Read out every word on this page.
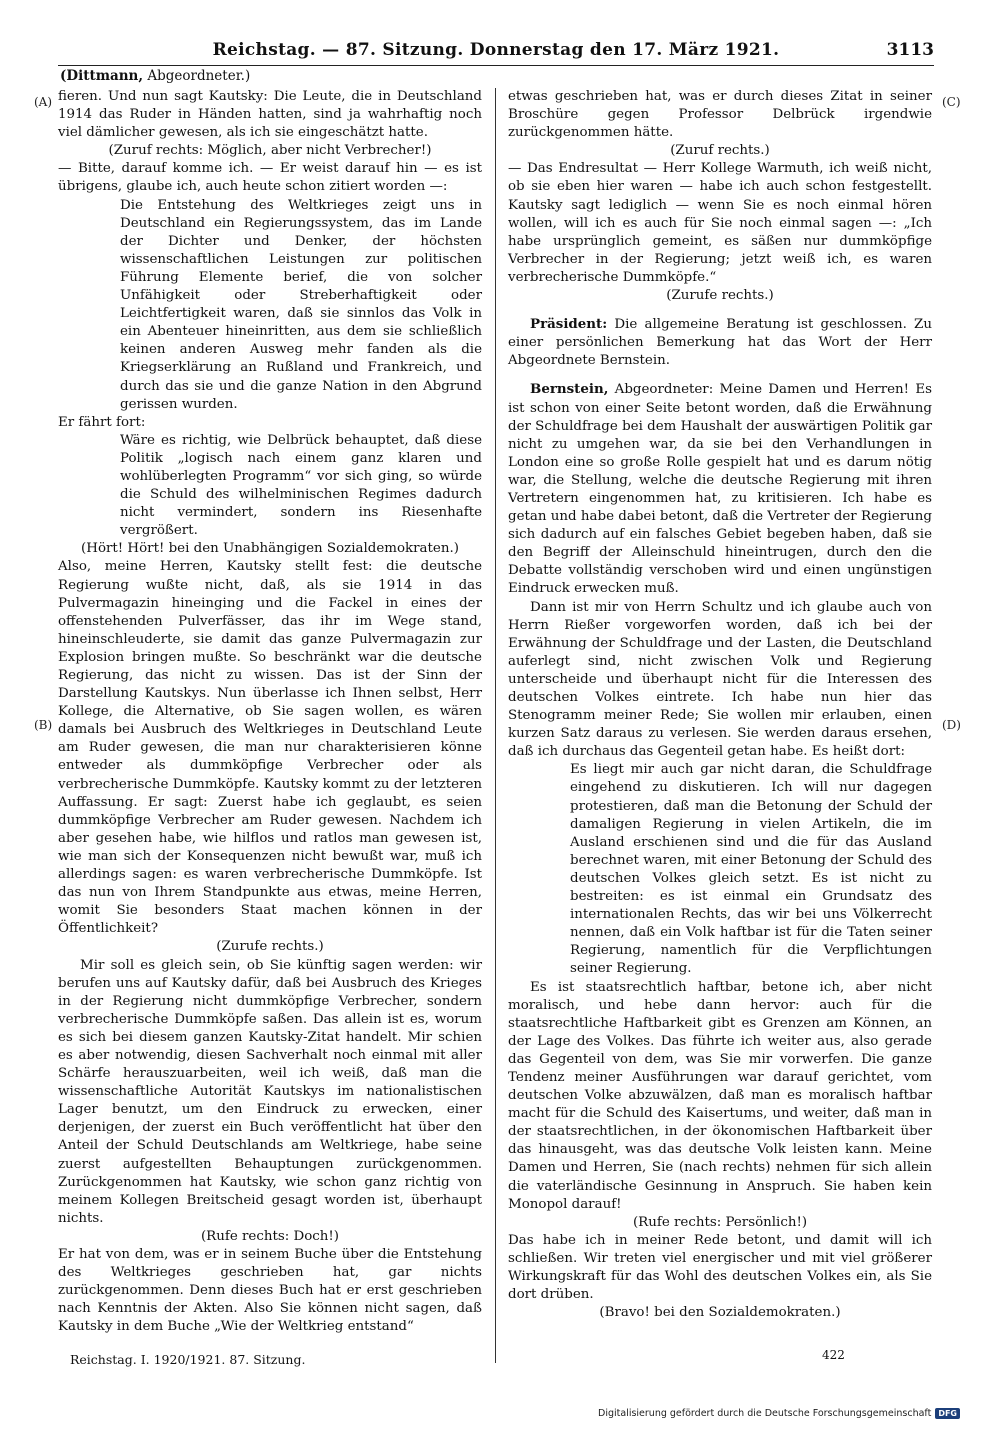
Reichstag. — 87. Sitzung. Donnerstag den 17. März 1921.	3113
(Dittmann, Abgeordneter.)
(A)
(B)
(C)
(D)

fieren. Und nun sagt Kautsky: Die Leute, die in Deutschland 1914 das Ruder in Händen hatten, sind ja wahrhaftig noch viel dämlicher gewesen, als ich sie eingeschätzt hatte.

(Zuruf rechts: Möglich, aber nicht Verbrecher!)

— Bitte, darauf komme ich. — Er weist darauf hin — es ist übrigens, glaube ich, auch heute schon zitiert worden —:

Die Entstehung des Weltkrieges zeigt uns in Deutschland ein Regierungssystem, das im Lande der Dichter und Denker, der höchsten wissenschaftlichen Leistungen zur politischen Führung Elemente berief, die von solcher Unfähigkeit oder Streberhaftigkeit oder Leichtfertigkeit waren, daß sie sinnlos das Volk in ein Abenteuer hineinritten, aus dem sie schließlich keinen anderen Ausweg mehr fanden als die Kriegserklärung an Rußland und Frankreich, und durch das sie und die ganze Nation in den Abgrund gerissen wurden.

Er fährt fort:

Wäre es richtig, wie Delbrück behauptet, daß diese Politik „logisch nach einem ganz klaren und wohlüberlegten Programm“ vor sich ging, so würde die Schuld des wilhelminischen Regimes dadurch nicht vermindert, sondern ins Riesenhafte vergrößert.

(Hört! Hört! bei den Unabhängigen Sozialdemokraten.)

Also, meine Herren, Kautsky stellt fest: die deutsche Regierung wußte nicht, daß, als sie 1914 in das Pulvermagazin hineinging und die Fackel in eines der offenstehenden Pulverfässer, das ihr im Wege stand, hineinschleuderte, sie damit das ganze Pulvermagazin zur Explosion bringen mußte. So beschränkt war die deutsche Regierung, das nicht zu wissen. Das ist der Sinn der Darstellung Kautskys. Nun überlasse ich Ihnen selbst, Herr Kollege, die Alternative, ob Sie sagen wollen, es wären damals bei Ausbruch des Weltkrieges in Deutschland Leute am Ruder gewesen, die man nur charakterisieren könne entweder als dummköpfige Verbrecher oder als verbrecherische Dummköpfe. Kautsky kommt zu der letzteren Auffassung. Er sagt: Zuerst habe ich geglaubt, es seien dummköpfige Verbrecher am Ruder gewesen. Nachdem ich aber gesehen habe, wie hilflos und ratlos man gewesen ist, wie man sich der Konsequenzen nicht bewußt war, muß ich allerdings sagen: es waren verbrecherische Dummköpfe. Ist das nun von Ihrem Standpunkte aus etwas, meine Herren, womit Sie besonders Staat machen können in der Öffentlichkeit?

(Zurufe rechts.)

Mir soll es gleich sein, ob Sie künftig sagen werden: wir berufen uns auf Kautsky dafür, daß bei Ausbruch des Krieges in der Regierung nicht dummköpfige Verbrecher, sondern verbrecherische Dummköpfe saßen. Das allein ist es, worum es sich bei diesem ganzen Kautsky-Zitat handelt. Mir schien es aber notwendig, diesen Sachverhalt noch einmal mit aller Schärfe herauszuarbeiten, weil ich weiß, daß man die wissenschaftliche Autorität Kautskys im nationalistischen Lager benutzt, um den Eindruck zu erwecken, einer derjenigen, der zuerst ein Buch veröffentlicht hat über den Anteil der Schuld Deutschlands am Weltkriege, habe seine zuerst aufgestellten Behauptungen zurückgenommen. Zurückgenommen hat Kautsky, wie schon ganz richtig von meinem Kollegen Breitscheid gesagt worden ist, überhaupt nichts.

(Rufe rechts: Doch!)

Er hat von dem, was er in seinem Buche über die Entstehung des Weltkrieges geschrieben hat, gar nichts zurückgenommen. Denn dieses Buch hat er erst geschrieben nach Kenntnis der Akten. Also Sie können nicht sagen, daß Kautsky in dem Buche „Wie der Weltkrieg entstand“

etwas geschrieben hat, was er durch dieses Zitat in seiner Broschüre gegen Professor Delbrück irgendwie zurückgenommen hätte.

(Zuruf rechts.)

— Das Endresultat — Herr Kollege Warmuth, ich weiß nicht, ob sie eben hier waren — habe ich auch schon festgestellt. Kautsky sagt lediglich — wenn Sie es noch einmal hören wollen, will ich es auch für Sie noch einmal sagen —: „Ich habe ursprünglich gemeint, es säßen nur dummköpfige Verbrecher in der Regierung; jetzt weiß ich, es waren verbrecherische Dummköpfe.“

(Zurufe rechts.)

Präsident: Die allgemeine Beratung ist geschlossen. Zu einer persönlichen Bemerkung hat das Wort der Herr Abgeordnete Bernstein.

Bernstein, Abgeordneter: Meine Damen und Herren! Es ist schon von einer Seite betont worden, daß die Erwähnung der Schuldfrage bei dem Haushalt der auswärtigen Politik gar nicht zu umgehen war, da sie bei den Verhandlungen in London eine so große Rolle gespielt hat und es darum nötig war, die Stellung, welche die deutsche Regierung mit ihren Vertretern eingenommen hat, zu kritisieren. Ich habe es getan und habe dabei betont, daß die Vertreter der Regierung sich dadurch auf ein falsches Gebiet begeben haben, daß sie den Begriff der Alleinschuld hineintrugen, durch den die Debatte vollständig verschoben wird und einen ungünstigen Eindruck erwecken muß.

Dann ist mir von Herrn Schultz und ich glaube auch von Herrn Rießer vorgeworfen worden, daß ich bei der Erwähnung der Schuldfrage und der Lasten, die Deutschland auferlegt sind, nicht zwischen Volk und Regierung unterscheide und überhaupt nicht für die Interessen des deutschen Volkes eintrete. Ich habe nun hier das Stenogramm meiner Rede; Sie wollen mir erlauben, einen kurzen Satz daraus zu verlesen. Sie werden daraus ersehen, daß ich durchaus das Gegenteil getan habe. Es heißt dort:

Es liegt mir auch gar nicht daran, die Schuldfrage eingehend zu diskutieren. Ich will nur dagegen protestieren, daß man die Betonung der Schuld der damaligen Regierung in vielen Artikeln, die im Ausland erschienen sind und die für das Ausland berechnet waren, mit einer Betonung der Schuld des deutschen Volkes gleich setzt. Es ist nicht zu bestreiten: es ist einmal ein Grundsatz des internationalen Rechts, das wir bei uns Völkerrecht nennen, daß ein Volk haftbar ist für die Taten seiner Regierung, namentlich für die Verpflichtungen seiner Regierung.

Es ist staatsrechtlich haftbar, betone ich, aber nicht moralisch, und hebe dann hervor: auch für die staatsrechtliche Haftbarkeit gibt es Grenzen am Können, an der Lage des Volkes. Das führte ich weiter aus, also gerade das Gegenteil von dem, was Sie mir vorwerfen. Die ganze Tendenz meiner Ausführungen war darauf gerichtet, vom deutschen Volke abzuwälzen, daß man es moralisch haftbar macht für die Schuld des Kaisertums, und weiter, daß man in der staatsrechtlichen, in der ökonomischen Haftbarkeit über das hinausgeht, was das deutsche Volk leisten kann. Meine Damen und Herren, Sie (nach rechts) nehmen für sich allein die vaterländische Gesinnung in Anspruch. Sie haben kein Monopol darauf!

(Rufe rechts: Persönlich!)

Das habe ich in meiner Rede betont, und damit will ich schließen. Wir treten viel energischer und mit viel größerer Wirkungskraft für das Wohl des deutschen Volkes ein, als Sie dort drüben.

(Bravo! bei den Sozialdemokraten.)

Reichstag. I. 1920/1921. 87. Sitzung.	422
Digitalisierung gefördert durch die Deutsche Forschungsgemeinschaft DFG
